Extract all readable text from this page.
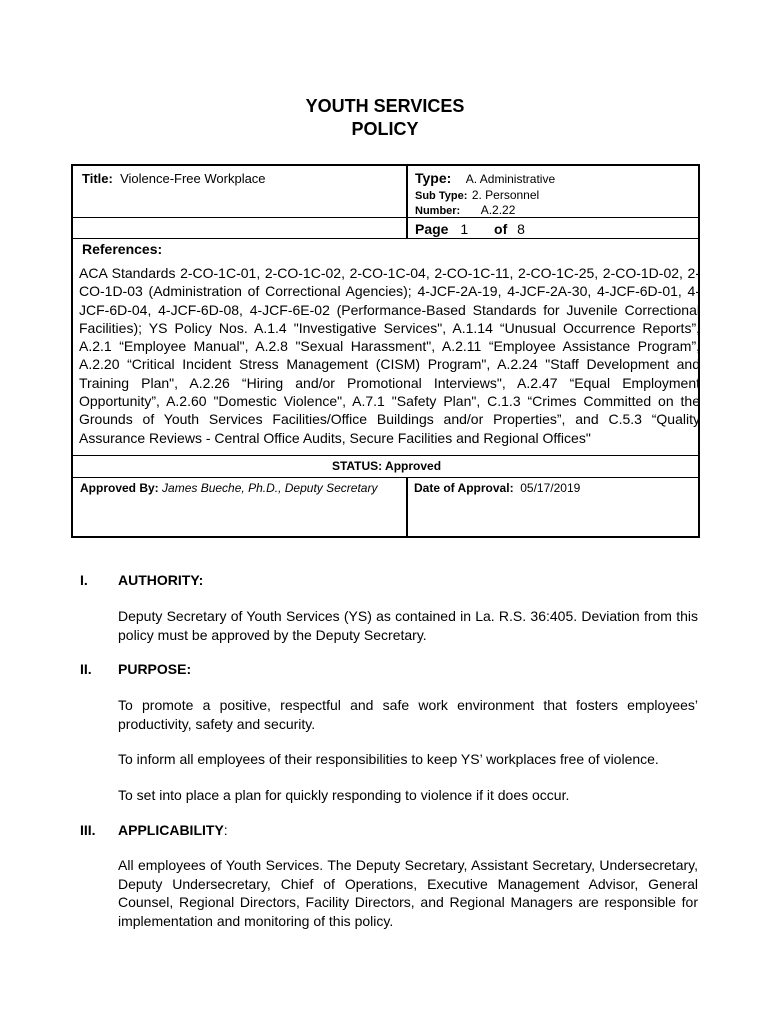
YOUTH SERVICES
POLICY
Title: Violence-Free Workplace	Type: A. Administrative
Sub Type: 2. Personnel
Number: A.2.22
Page 1 of 8
References:
ACA Standards 2-CO-1C-01, 2-CO-1C-02, 2-CO-1C-04, 2-CO-1C-11, 2-CO-1C-25, 2-CO-1D-02, 2-CO-1D-03 (Administration of Correctional Agencies); 4-JCF-2A-19, 4-JCF-2A-30, 4-JCF-6D-01, 4-JCF-6D-04, 4-JCF-6D-08, 4-JCF-6E-02 (Performance-Based Standards for Juvenile Correctional Facilities); YS Policy Nos. A.1.4 "Investigative Services", A.1.14 “Unusual Occurrence Reports”, A.2.1 “Employee Manual", A.2.8 "Sexual Harassment", A.2.11 “Employee Assistance Program”, A.2.20 “Critical Incident Stress Management (CISM) Program", A.2.24 "Staff Development and Training Plan", A.2.26 “Hiring and/or Promotional Interviews", A.2.47 “Equal Employment Opportunity”, A.2.60 "Domestic Violence", A.7.1 "Safety Plan", C.1.3 “Crimes Committed on the Grounds of Youth Services Facilities/Office Buildings and/or Properties”, and C.5.3 “Quality Assurance Reviews - Central Office Audits, Secure Facilities and Regional Offices"
STATUS: Approved
Approved By: James Bueche, Ph.D., Deputy Secretary	Date of Approval: 05/17/2019
I. AUTHORITY:
Deputy Secretary of Youth Services (YS) as contained in La. R.S. 36:405. Deviation from this policy must be approved by the Deputy Secretary.
II. PURPOSE:
To promote a positive, respectful and safe work environment that fosters employees’ productivity, safety and security.
To inform all employees of their responsibilities to keep YS’ workplaces free of violence.
To set into place a plan for quickly responding to violence if it does occur.
III. APPLICABILITY:
All employees of Youth Services. The Deputy Secretary, Assistant Secretary, Undersecretary, Deputy Undersecretary, Chief of Operations, Executive Management Advisor, General Counsel, Regional Directors, Facility Directors, and Regional Managers are responsible for implementation and monitoring of this policy.
